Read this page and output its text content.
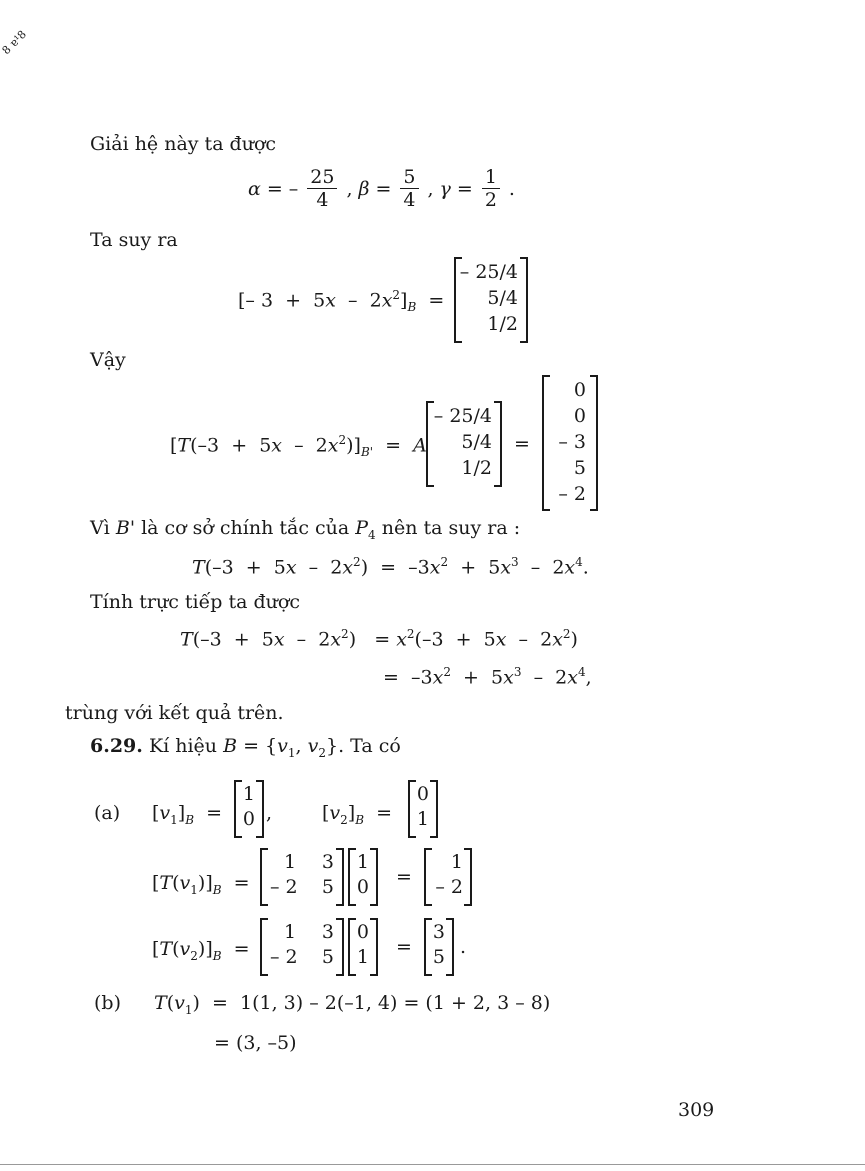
8 ɐ¹8
Giải hệ này ta được
α = – $\frac{25}{4}$ , $\beta = \frac{5}{4}$ , $\gamma = \frac{1}{2}$ .
Ta suy ra
[– $3 + 5x - 2x^2]_B$  =
– 25/4
5/4
1/2
Vậy
$[T(-3 + 5x - 2x^2)]_{B'} = A$
– 25/4
5/4
1/2
=
0
0
– 3
5
– 2
Vì B' là cơ sở chính tắc của $P_4$ nên ta suy ra :
$T(-3 + 5x - 2x^2) = -3x^2 + 5x^3 - 2x^4$.
Tính trực tiếp ta được
$T(-3 + 5x - 2x^2) = x^2(-3 + 5x - 2x^2)$
=  $-3x^2 + 5x^3 - 2x^4$,
trùng với kết quả trên.
6.29. Kí hiệu $B = \{v_1$, $v_2$}. Ta có
(a) $[v_1]_B$  =
1
0 ,	$[v_2]_B$  =
0
1
$[T(v_1)]_B$  =
1 3
– 2 5
1
0 =
1
– 2
$[T(v_2)]_B$  =
1 3
– 2 5
0
1 =
3
5 .
(b) $T(v_1) = 1(1$, 3) – 2(–1, 4) = (1 + 2, 3 – 8)
= (3, –5)
309
